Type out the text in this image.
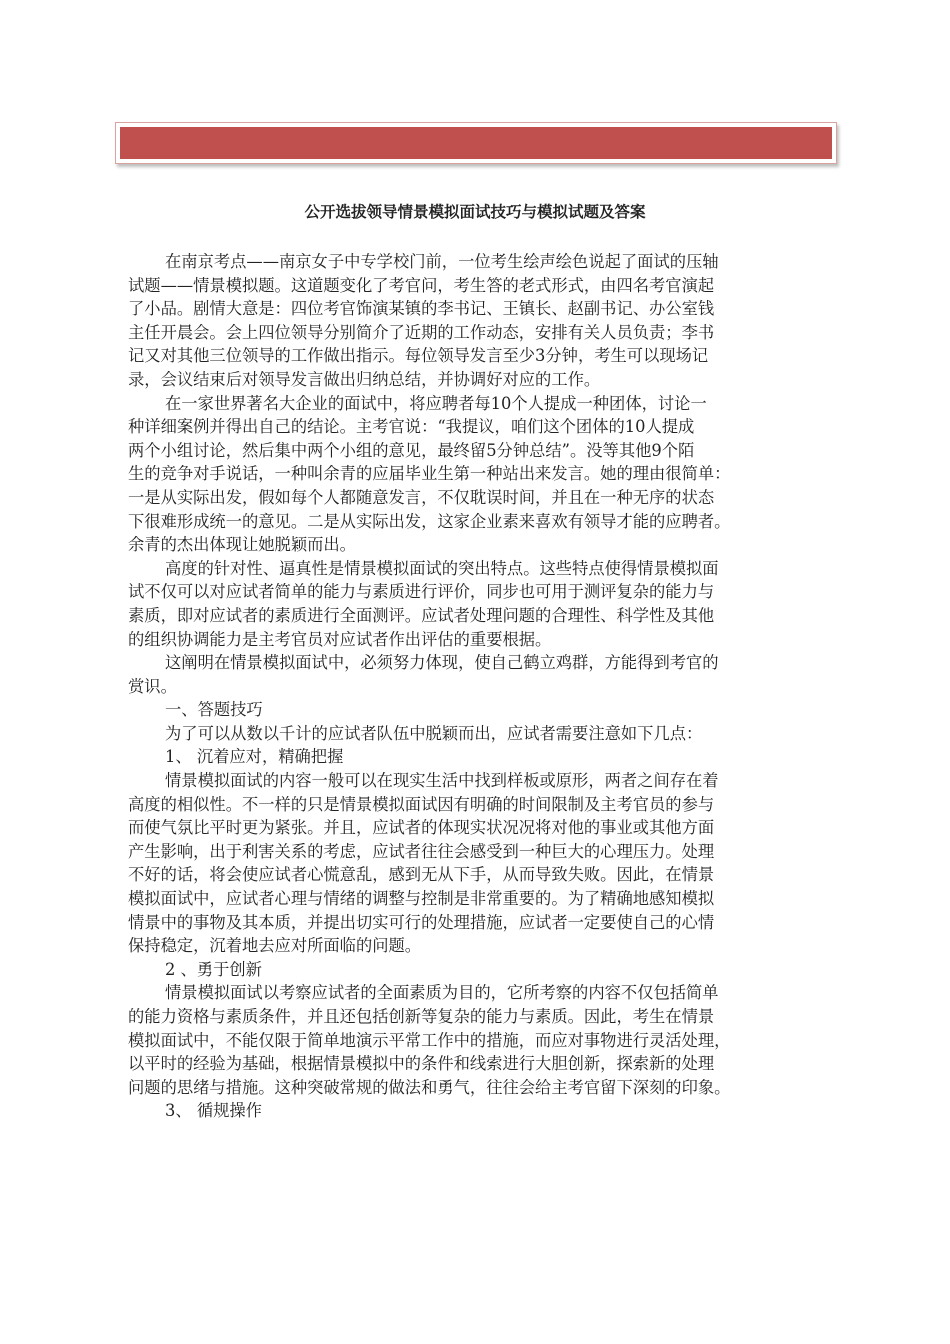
公开选拔领导情景模拟面试技巧与模拟试题及答案
在南京考点——南京女子中专学校门前，一位考生绘声绘色说起了面试的压轴
试题——情景模拟题。这道题变化了考官问，考生答的老式形式，由四名考官演起
了小品。剧情大意是：四位考官饰演某镇的李书记、王镇长、赵副书记、办公室钱
主任开晨会。会上四位领导分别简介了近期的工作动态，安排有关人员负责；李书
记又对其他三位领导的工作做出指示。每位领导发言至少3分钟，考生可以现场记
录，会议结束后对领导发言做出归纳总结，并协调好对应的工作。
在一家世界著名大企业的面试中，将应聘者每10个人提成一种团体，讨论一
种详细案例并得出自己的结论。主考官说：“我提议，咱们这个团体的10人提成
两个小组讨论，然后集中两个小组的意见，最终留5分钟总结”。没等其他9个陌
生的竞争对手说话，一种叫余青的应届毕业生第一种站出来发言。她的理由很简单：
一是从实际出发，假如每个人都随意发言，不仅耽误时间，并且在一种无序的状态
下很难形成统一的意见。二是从实际出发，这家企业素来喜欢有领导才能的应聘者。
余青的杰出体现让她脱颖而出。
高度的针对性、逼真性是情景模拟面试的突出特点。这些特点使得情景模拟面
试不仅可以对应试者简单的能力与素质进行评价，同步也可用于测评复杂的能力与
素质，即对应试者的素质进行全面测评。应试者处理问题的合理性、科学性及其他
的组织协调能力是主考官员对应试者作出评估的重要根据。
这阐明在情景模拟面试中，必须努力体现，使自己鹤立鸡群，方能得到考官的
赏识。
一、答题技巧
为了可以从数以千计的应试者队伍中脱颖而出，应试者需要注意如下几点：
1、 沉着应对，精确把握
情景模拟面试的内容一般可以在现实生活中找到样板或原形，两者之间存在着
高度的相似性。不一样的只是情景模拟面试因有明确的时间限制及主考官员的参与
而使气氛比平时更为紧张。并且，应试者的体现实状况况将对他的事业或其他方面
产生影响，出于利害关系的考虑，应试者往往会感受到一种巨大的心理压力。处理
不好的话，将会使应试者心慌意乱，感到无从下手，从而导致失败。因此，在情景
模拟面试中，应试者心理与情绪的调整与控制是非常重要的。为了精确地感知模拟
情景中的事物及其本质，并提出切实可行的处理措施，应试者一定要使自己的心情
保持稳定，沉着地去应对所面临的问题。
2 、勇于创新
情景模拟面试以考察应试者的全面素质为目的，它所考察的内容不仅包括简单
的能力资格与素质条件，并且还包括创新等复杂的能力与素质。因此，考生在情景
模拟面试中，不能仅限于简单地演示平常工作中的措施，而应对事物进行灵活处理，
以平时的经验为基础，根据情景模拟中的条件和线索进行大胆创新，探索新的处理
问题的思绪与措施。这种突破常规的做法和勇气，往往会给主考官留下深刻的印象。
3、 循规操作
